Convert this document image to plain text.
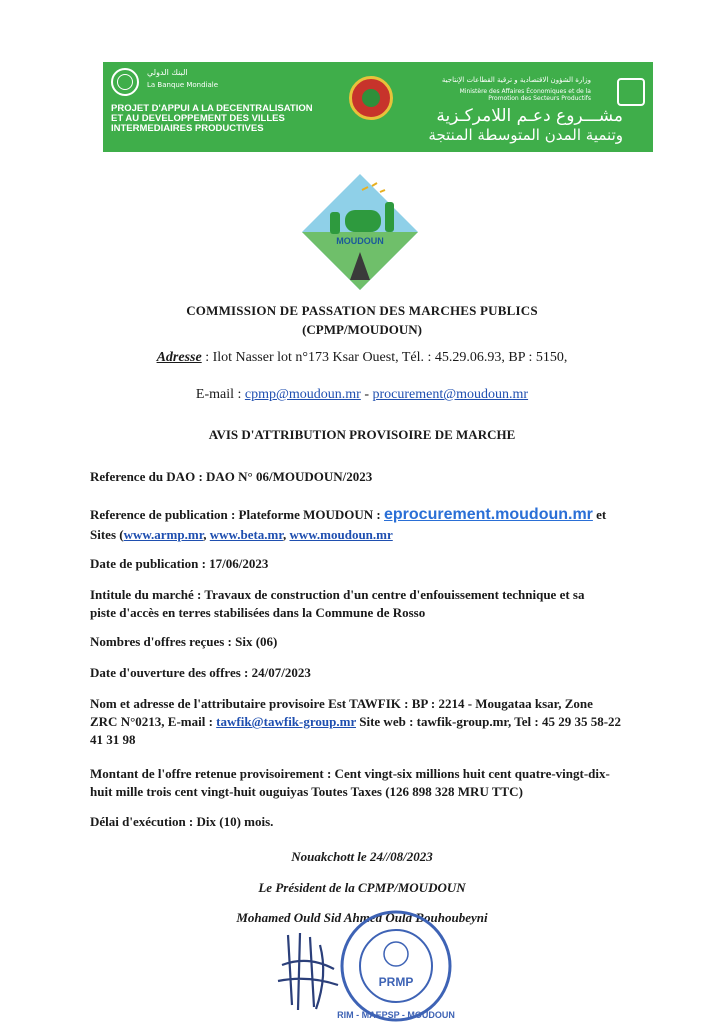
البنك الدولي
La Banque Mondiale
PROJET D'APPUI A LA DECENTRALISATION
ET AU DEVELOPPEMENT DES VILLES
INTERMEDIAIRES PRODUCTIVES
وزارة الشؤون الاقتصادية و ترقية القطاعات الإنتاجية
Ministère des Affaires Économiques et de la Promotion des Secteurs Productifs
مشـــروع دعـم اللامركـزية
وتنمية المدن المتوسطة المنتجة
MOUDOUN
COMMISSION DE PASSATION DES MARCHES PUBLICS
(CPMP/MOUDOUN)
Adresse : Ilot Nasser lot n°173 Ksar Ouest, Tél. : 45.29.06.93, BP : 5150,
E-mail : cpmp@moudoun.mr - procurement@moudoun.mr
AVIS D'ATTRIBUTION PROVISOIRE DE MARCHE
Reference du DAO : DAO N° 06/MOUDOUN/2023
Reference de publication : Plateforme MOUDOUN : eprocurement.moudoun.mr et
Sites (www.armp.mr, www.beta.mr, www.moudoun.mr
Date de publication : 17/06/2023
Intitule du marché : Travaux de construction d'un centre d'enfouissement technique et sa
piste d'accès en terres stabilisées dans la Commune de Rosso
Nombres d'offres reçues : Six (06)
Date d'ouverture des offres : 24/07/2023
Nom et adresse de l'attributaire provisoire Est TAWFIK : BP : 2214 - Mougataa ksar, Zone
ZRC N°0213, E-mail : tawfik@tawfik-group.mr Site web : tawfik-group.mr, Tel : 45 29 35 58-22
41 31 98
Montant de l'offre retenue provisoirement : Cent vingt-six millions huit cent quatre-vingt-dix-
huit mille trois cent vingt-huit ouguiyas Toutes Taxes (126 898 328 MRU TTC)
Délai d'exécution : Dix (10) mois.
Nouakchott le 24//08/2023
Le Président de la CPMP/MOUDOUN
Mohamed Ould Sid Ahmed Ould Bouhoubeyni
PRMP
RIM - MAEPSP - MOUDOUN
